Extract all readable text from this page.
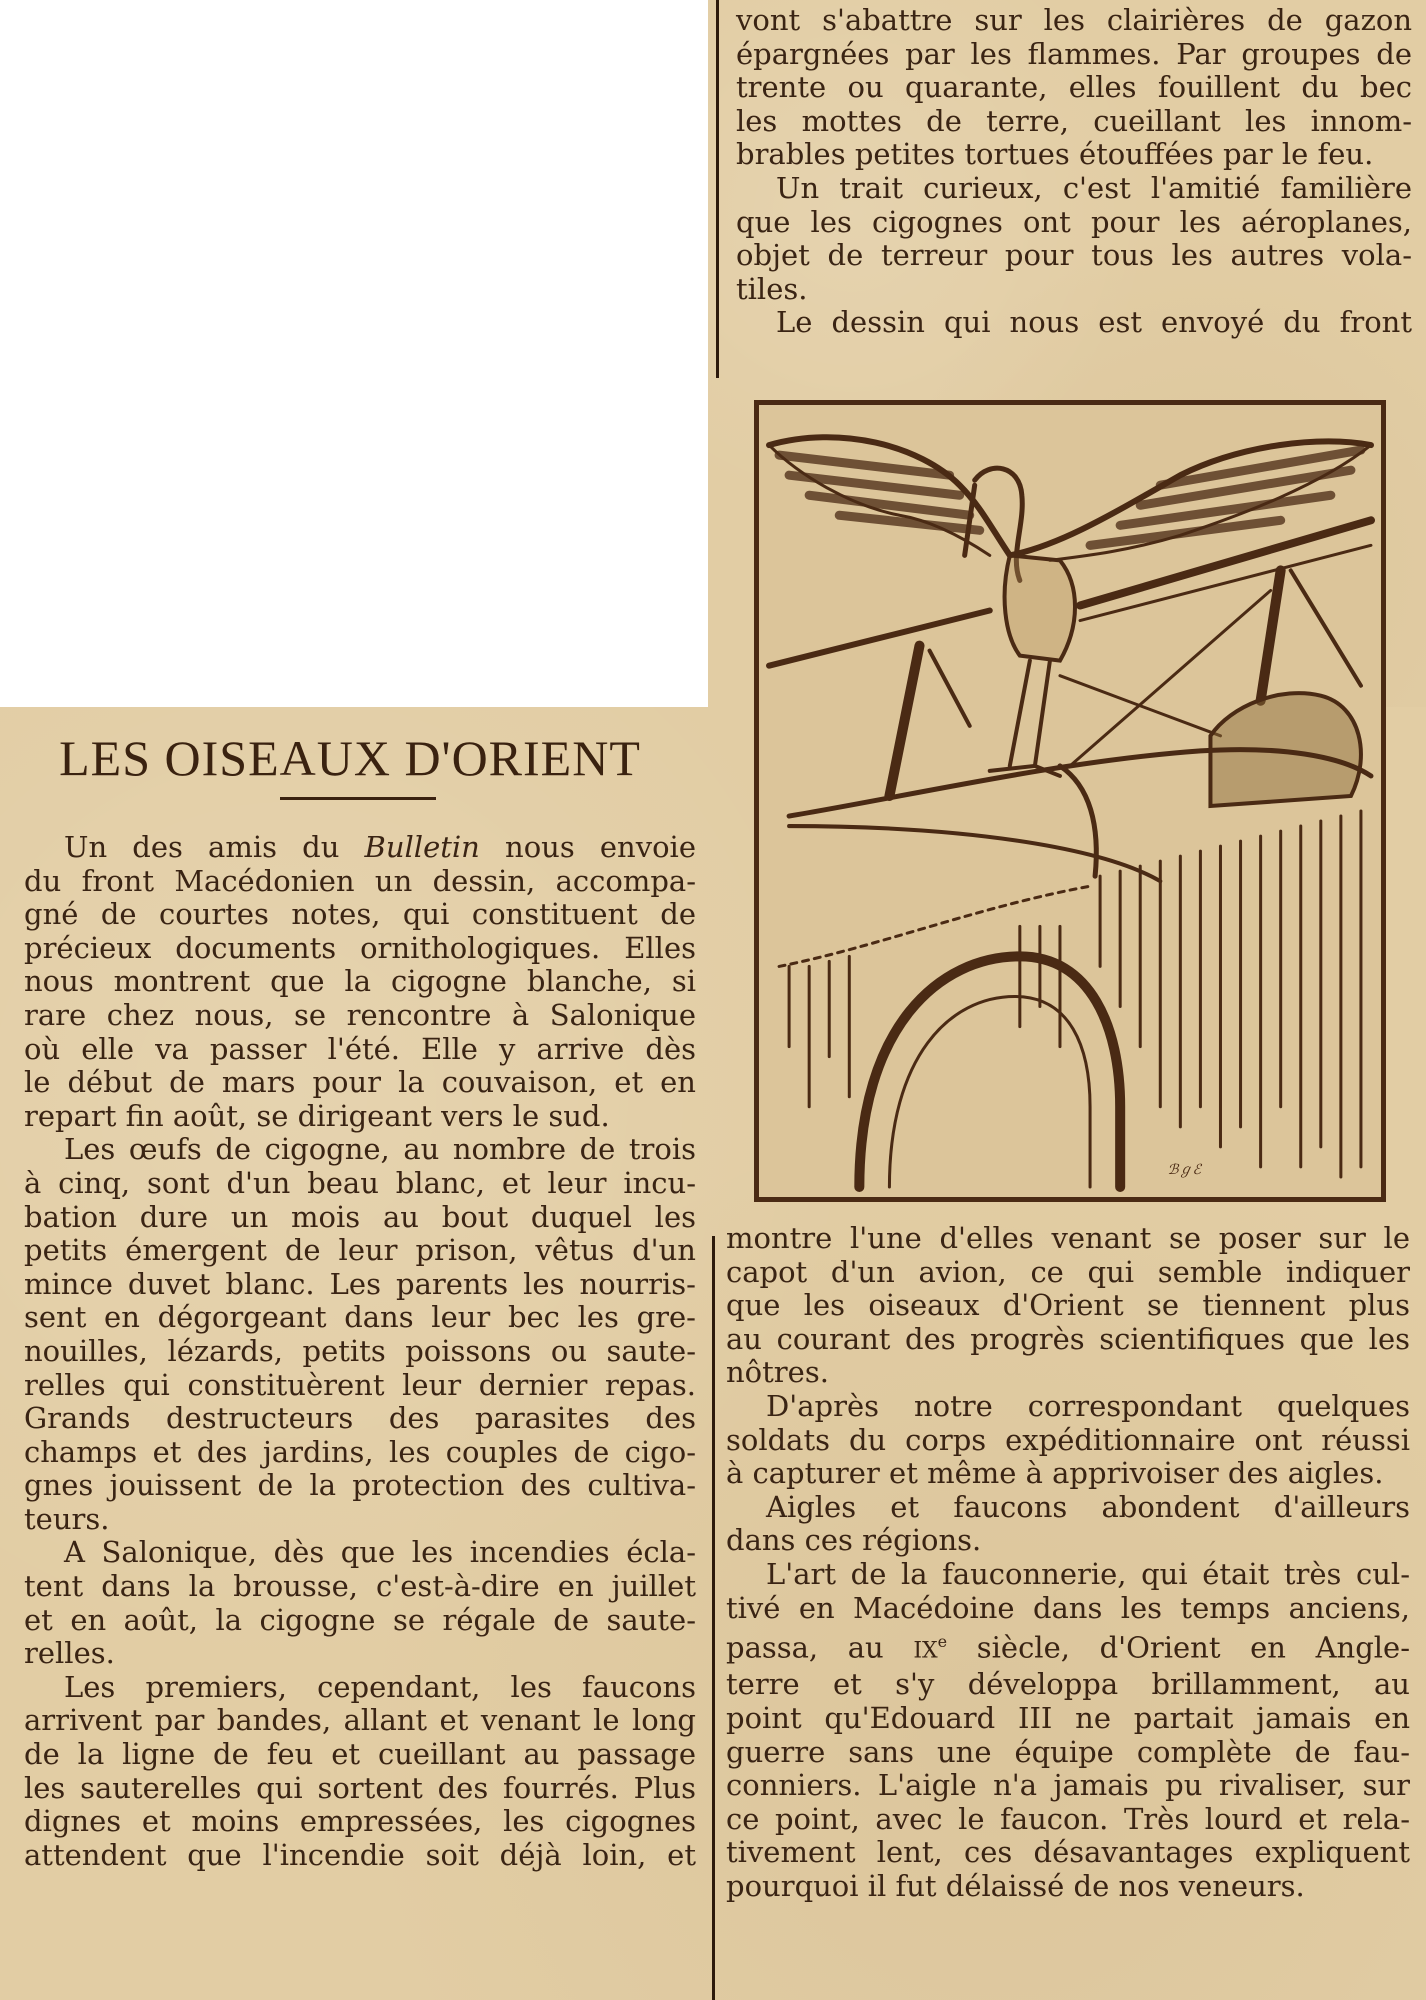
vont s'abattre sur les clairières de gazon
épargnées par les flammes. Par groupes de
trente ou quarante, elles fouillent du bec
les mottes de terre, cueillant les innom-
brables petites tortues étouffées par le feu.

Un trait curieux, c'est l'amitié familière
que les cigognes ont pour les aéroplanes,
objet de terreur pour tous les autres vola-
tiles.

Le dessin qui nous est envoyé du front

ℬℊℰ
LES OISEAUX D'ORIENT

Un des amis du Bulletin nous envoie
du front Macédonien un dessin, accompa-
gné de courtes notes, qui constituent de
précieux documents ornithologiques. Elles
nous montrent que la cigogne blanche, si
rare chez nous, se rencontre à Salonique
où elle va passer l'été. Elle y arrive dès
le début de mars pour la couvaison, et en
repart fin août, se dirigeant vers le sud.

Les œufs de cigogne, au nombre de trois
à cinq, sont d'un beau blanc, et leur incu-
bation dure un mois au bout duquel les
petits émergent de leur prison, vêtus d'un
mince duvet blanc. Les parents les nourris-
sent en dégorgeant dans leur bec les gre-
nouilles, lézards, petits poissons ou saute-
relles qui constituèrent leur dernier repas.
Grands destructeurs des parasites des
champs et des jardins, les couples de cigo-
gnes jouissent de la protection des cultiva-
teurs.

A Salonique, dès que les incendies écla-
tent dans la brousse, c'est-à-dire en juillet
et en août, la cigogne se régale de saute-
relles.

Les premiers, cependant, les faucons
arrivent par bandes, allant et venant le long
de la ligne de feu et cueillant au passage
les sauterelles qui sortent des fourrés. Plus
dignes et moins empressées, les cigognes
attendent que l'incendie soit déjà loin, et

montre l'une d'elles venant se poser sur le
capot d'un avion, ce qui semble indiquer
que les oiseaux d'Orient se tiennent plus
au courant des progrès scientifiques que les
nôtres.

D'après notre correspondant quelques
soldats du corps expéditionnaire ont réussi
à capturer et même à apprivoiser des aigles.

Aigles et faucons abondent d'ailleurs
dans ces régions.

L'art de la fauconnerie, qui était très cul-
tivé en Macédoine dans les temps anciens,
passa, au IXe siècle, d'Orient en Angle-
terre et s'y développa brillamment, au
point qu'Edouard III ne partait jamais en
guerre sans une équipe complète de fau-
conniers. L'aigle n'a jamais pu rivaliser, sur
ce point, avec le faucon. Très lourd et rela-
tivement lent, ces désavantages expliquent
pourquoi il fut délaissé de nos veneurs.
